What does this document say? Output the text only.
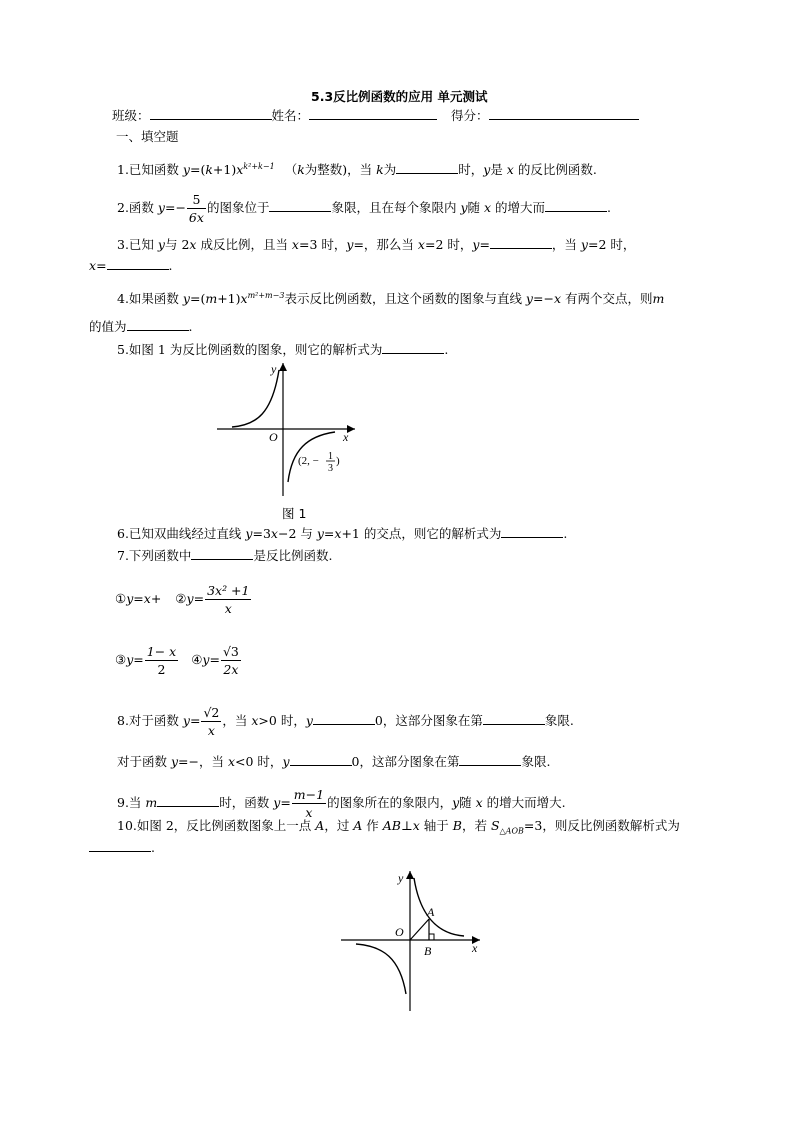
5.3反比例函数的应用 单元测试
班级：	姓名：	得分：
一、填空题
1.已知函数 $y=(k+1)x^{k^2+k-1}$ （k为整数)，当 k为	时，y是 x 的反比例函数.
2.函数 $y=- \frac{5}{6x}$ 的图象位于	象限，且在每个象限内 y随 x 的增大而	.
3.已知 y与 2x 成反比例，且当 x=3 时，y=，那么当 x=2 时，y=	，当 y=2 时，
x=	.
4.如果函数 $y=(m+1)x^{m^2+m-3}$表示反比例函数，且这个函数的图象与直线 y=−x 有两个交点，则m
的值为	.
5.如图 1 为反比例函数的图象，则它的解析式为	.
y
x
O
(2, − 1
3
)
图 1
6.已知双曲线经过直线 y=3x−2 与 y=x+1 的交点，则它的解析式为	.
7.下列函数中	是反比例函数.
①y=x+ ②y= $\frac{\text{3x² +1}}{x}$
③y= $\frac{1- x}{2}$ ④y= $\frac{√3}{2x}$
8.对于函数 $y= \frac{√2}{x}$ ，当 x>0 时，y	0，这部分图象在第	象限.
对于函数 y=−，当 x<0 时，y	0，这部分图象在第	象限.
9.当 m	时，函数 $y= \frac{m-1}{x}$ 的图象所在的象限内，y随 x 的增大而增大.
10.如图 2，反比例函数图象上一点 A，过 A 作 AB⊥x 轴于 B，若 $S_{\triangle AOB}=3$，则反比例函数解析式为
.
y
x
O
A
B
